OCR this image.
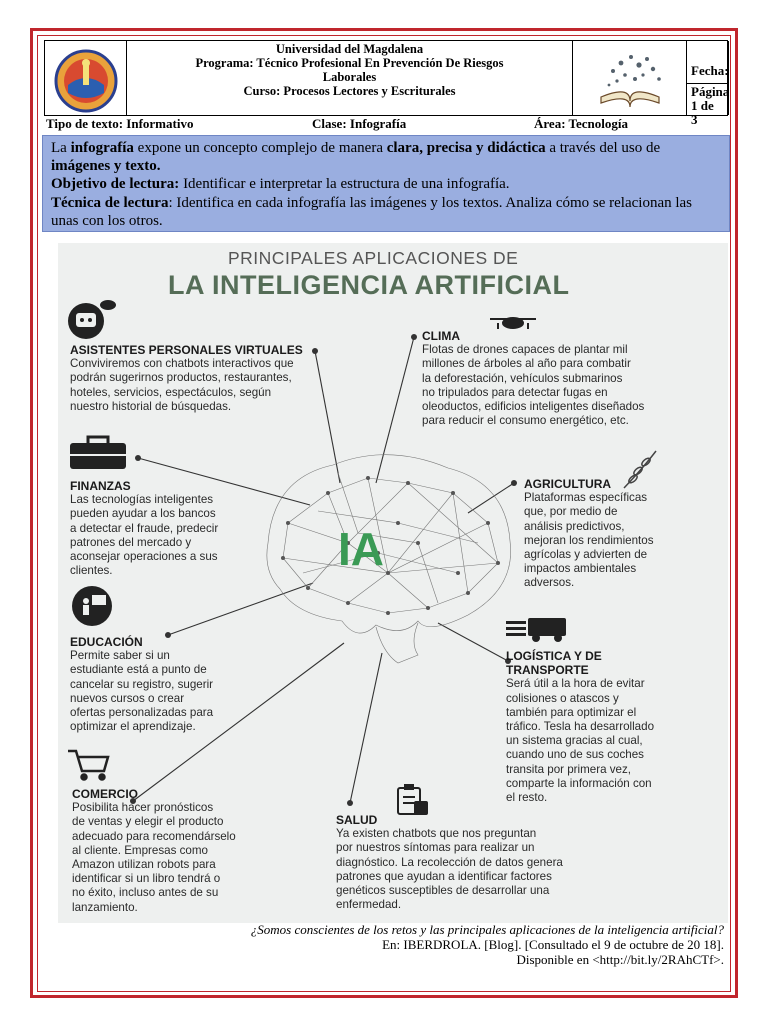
Universidad del Magdalena
Programa: Técnico Profesional En Prevención De Riesgos
Laborales
Curso: Procesos Lectores y Escriturales
Fecha:
Página 1 de
3
Tipo de texto: Informativo	Clase: Infografía	Área: Tecnología

La infografía expone un concepto complejo de manera clara, precisa y didáctica a través del uso de imágenes y texto.

Objetivo de lectura: Identificar e interpretar la estructura de una infografía.

Técnica de lectura: Identifica en cada infografía las imágenes y los textos. Analiza cómo se relacionan las unas con los otros.

IA
PRINCIPALES APLICACIONES DE
LA INTELIGENCIA ARTIFICIAL
ASISTENTES PERSONALES VIRTUALES
Conviviremos con chatbots interactivos que
podrán sugerirnos productos, restaurantes,
hoteles, servicios, espectáculos, según
nuestro historial de búsquedas.
CLIMA
Flotas de drones capaces de plantar mil
millones de árboles al año para combatir
la deforestación, vehículos submarinos
no tripulados para detectar fugas en
oleoductos, edificios inteligentes diseñados
para reducir el consumo energético, etc.
FINANZAS
Las tecnologías inteligentes
pueden ayudar a los bancos
a detectar el fraude, predecir
patrones del mercado y
aconsejar operaciones a sus
clientes.
AGRICULTURA
Plataformas específicas
que, por medio de
análisis predictivos,
mejoran los rendimientos
agrícolas y advierten de
impactos ambientales
adversos.
EDUCACIÓN
Permite saber si un
estudiante está a punto de
cancelar su registro, sugerir
nuevos cursos o crear
ofertas personalizadas para
optimizar el aprendizaje.
LOGÍSTICA Y DE
TRANSPORTE
Será útil a la hora de evitar
colisiones o atascos y
también para optimizar el
tráfico. Tesla ha desarrollado
un sistema gracias al cual,
cuando uno de sus coches
transita por primera vez,
comparte la información con
el resto.
COMERCIO
Posibilita hacer pronósticos
de ventas y elegir el producto
adecuado para recomendárselo
al cliente. Empresas como
Amazon utilizan robots para
identificar si un libro tendrá o
no éxito, incluso antes de su
lanzamiento.
SALUD
Ya existen chatbots que nos preguntan
por nuestros síntomas para realizar un
diagnóstico. La recolección de datos genera
patrones que ayudan a identificar factores
genéticos susceptibles de desarrollar una
enfermedad.
¿Somos conscientes de los retos y las principales aplicaciones de la inteligencia artificial?
En: IBERDROLA. [Blog]. [Consultado el 9 de octubre de 20 18].
Disponible en <http://bit.ly/2RAhCTf>.
